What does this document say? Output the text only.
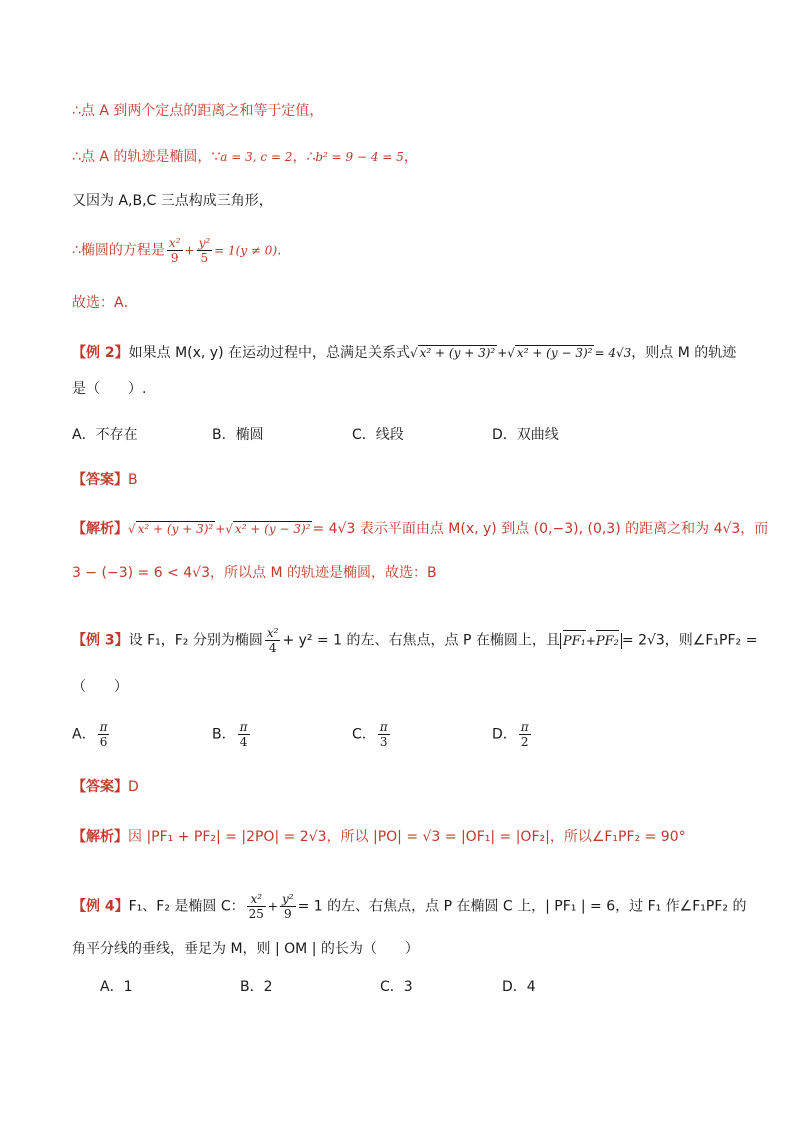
∴点 A 到两个定点的距离之和等于定值，
∴点 A 的轨迹是椭圆，∵a = 3, c = 2，∴b² = 9 − 4 = 5，
又因为 A,B,C 三点构成三角形，
∴椭圆的方程是 $\frac{\text{x²}}{9} + \frac{\text{y²}}{5} = 1(y \ne 0)$.
故选：A．
【例 2】如果点 M(x, y) 在运动过程中，总满足关系式√ x² + (y + 3)² +√ x² + (y − 3)² = 4√3，则点 M 的轨迹
是（　　）.
A．不存在	B．椭圆	C．线段	D．双曲线
【答案】B
【解析】√ x² + (y + 3)² +√ x² + (y − 3)² = 4√3 表示平面由点 M(x, y) 到点 (0,−3), (0,3) 的距离之和为 4√3，而
3 − (−3) = 6 < 4√3，所以点 M 的轨迹是椭圆，故选：B
【例 3】设 F₁，F₂ 分别为椭圆 $\frac{\text{x²}}{4} + y^2 = 1$ 的左、右焦点，点 P 在椭圆上，且 PF₁+PF₂ = 2√3，则∠F₁PF₂ =
（　　）
A． $\frac{\pi}{6}$	B． $\frac{\pi}{4}$	C． $\frac{\pi}{3}$	D． $\frac{\pi}{2}$
【答案】D
【解析】因 |PF₁ + PF₂| = |2PO| = 2√3，所以 |PO| = √3 = |OF₁| = |OF₂|，所以∠F₁PF₂ = 90°
【例 4】F₁、F₂ 是椭圆 C： $\frac{\text{x²}}{25} + \frac{\text{y²}}{9} = 1$ 的左、右焦点，点 P 在椭圆 C 上，| PF₁ | = 6，过 F₁ 作∠F₁PF₂ 的
角平分线的垂线，垂足为 M，则 | OM | 的长为（　　）
A．1	B．2	C．3	D．4
